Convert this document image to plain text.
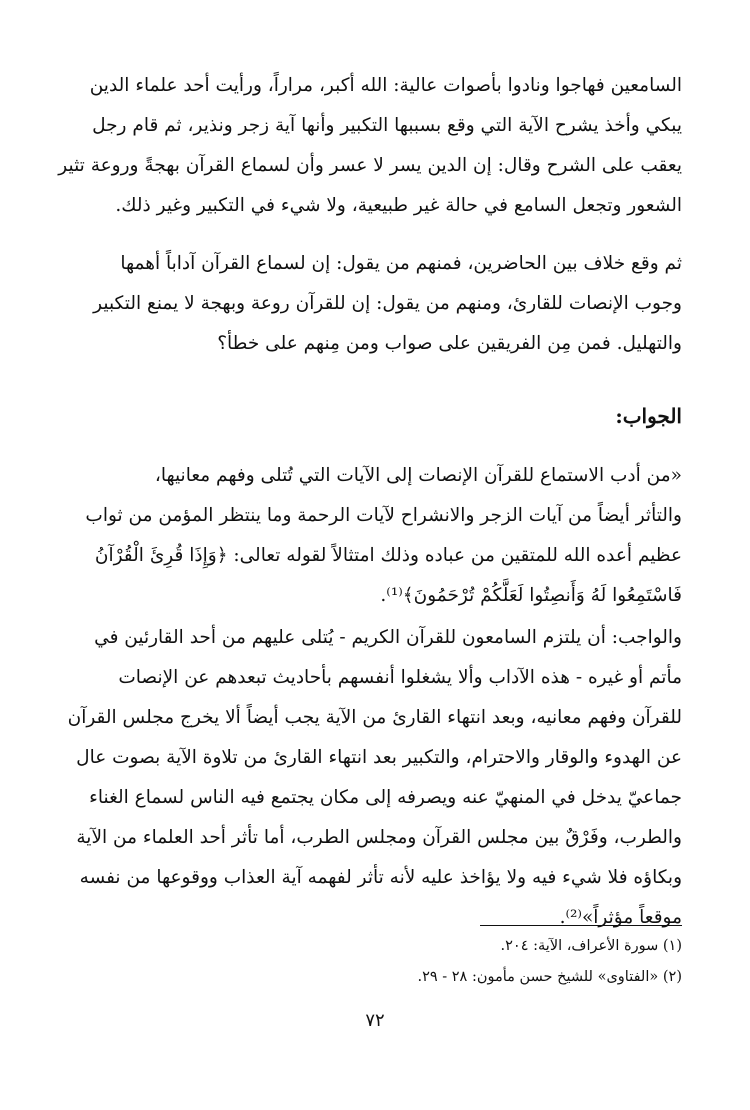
السامعين فهاجوا ونادوا بأصوات عالية: الله أكبر، مراراً، ورأيت أحد علماء الدين
يبكي وأخذ يشرح الآية التي وقع بسببها التكبير وأنها آية زجر ونذير، ثم قام رجل
يعقب على الشرح وقال: إن الدين يسر لا عسر وأن لسماع القرآن بهجةً وروعة تثير
الشعور وتجعل السامع في حالة غير طبيعية، ولا شيء في التكبير وغير ذلك.
ثم وقع خلاف بين الحاضرين، فمنهم من يقول: إن لسماع القرآن آداباً أهمها
وجوب الإنصات للقارئ، ومنهم من يقول: إن للقرآن روعة وبهجة لا يمنع التكبير
والتهليل. فمن مِن الفريقين على صواب ومن مِنهم على خطأ؟
الجواب:
«من أدب الاستماع للقرآن الإنصات إلى الآيات التي تُتلى وفهم معانيها،
والتأثر أيضاً من آيات الزجر والانشراح لآيات الرحمة وما ينتظر المؤمن من ثواب
عظيم أعده الله للمتقين من عباده وذلك امتثالاً لقوله تعالى: ﴿وَإِذَا قُرِئَ الْقُرْآنُ
فَاسْتَمِعُوا لَهُ وَأَنصِتُوا لَعَلَّكُمْ تُرْحَمُونَ﴾⁽¹⁾.
والواجب: أن يلتزم السامعون للقرآن الكريم - يُتلى عليهم من أحد القارئين في
مأتم أو غيره - هذه الآداب وألا يشغلوا أنفسهم بأحاديث تبعدهم عن الإنصات
للقرآن وفهم معانيه، وبعد انتهاء القارئ من الآية يجب أيضاً ألا يخرج مجلس القرآن
عن الهدوء والوقار والاحترام، والتكبير بعد انتهاء القارئ من تلاوة الآية بصوت عال
جماعيّ يدخل في المنهيّ عنه ويصرفه إلى مكان يجتمع فيه الناس لسماع الغناء
والطرب، وفَرْقٌ بين مجلس القرآن ومجلس الطرب، أما تأثر أحد العلماء من الآية
وبكاؤه فلا شيء فيه ولا يؤاخذ عليه لأنه تأثر لفهمه آية العذاب ووقوعها من نفسه
موقعاً مؤثراً»⁽²⁾.
(١) سورة الأعراف، الآية: ٢٠٤.
(٢) «الفتاوى» للشيخ حسن مأمون: ٢٨ - ٢٩.
٧٢
